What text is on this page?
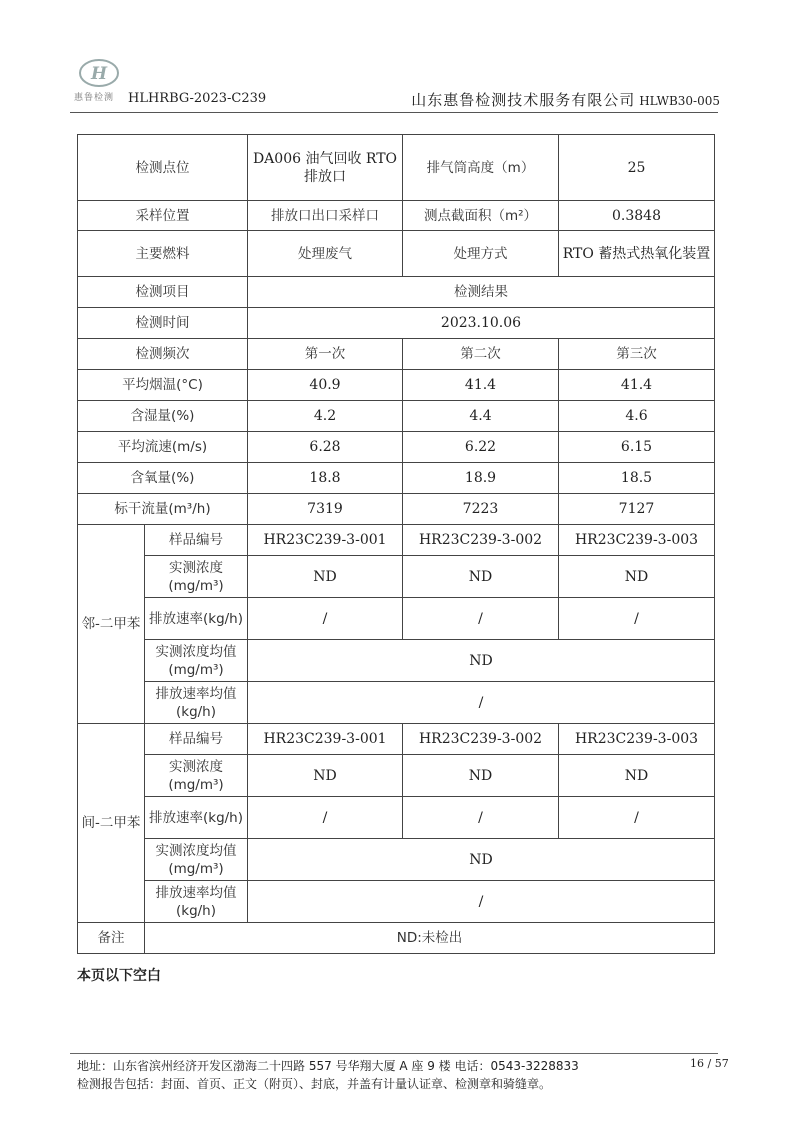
H
惠鲁检测 HLHRBG-2023-C239	山东惠鲁检测技术服务有限公司 HLWB30-005
检测点位		DA006 油气回收 RTO 排放口	排气筒高度（m）	25
采样位置		排放口出口采样口	测点截面积（m²）	0.3848
主要燃料		处理废气	处理方式	RTO 蓄热式热氧化装置
检测项目		检测结果		
检测时间		2023.10.06		
检测频次		第一次	第二次	第三次
平均烟温(°C)		40.9	41.4	41.4
含湿量(%)		4.2	4.4	4.6
平均流速(m/s)		6.28	6.22	6.15
含氧量(%)		18.8	18.9	18.5
标干流量(m³/h)		7319	7223	7127
邻-二甲苯	样品编号	HR23C239-3-001	HR23C239-3-002	HR23C239-3-003
	实测浓度(mg/m³)	ND	ND	ND
	排放速率(kg/h)	/	/	/
	实测浓度均值(mg/m³)	ND		
	排放速率均值(kg/h)	/		
间-二甲苯	样品编号	HR23C239-3-001	HR23C239-3-002	HR23C239-3-003
	实测浓度(mg/m³)	ND	ND	ND
	排放速率(kg/h)	/	/	/
	实测浓度均值(mg/m³)	ND		
	排放速率均值(kg/h)	/		
备注	ND:未检出			
本页以下空白
地址：山东省滨州经济开发区渤海二十四路 557 号华翔大厦 A 座 9 楼 电话：0543-3228833	16 / 57
检测报告包括：封面、首页、正文（附页）、封底，并盖有计量认证章、检测章和骑缝章。
